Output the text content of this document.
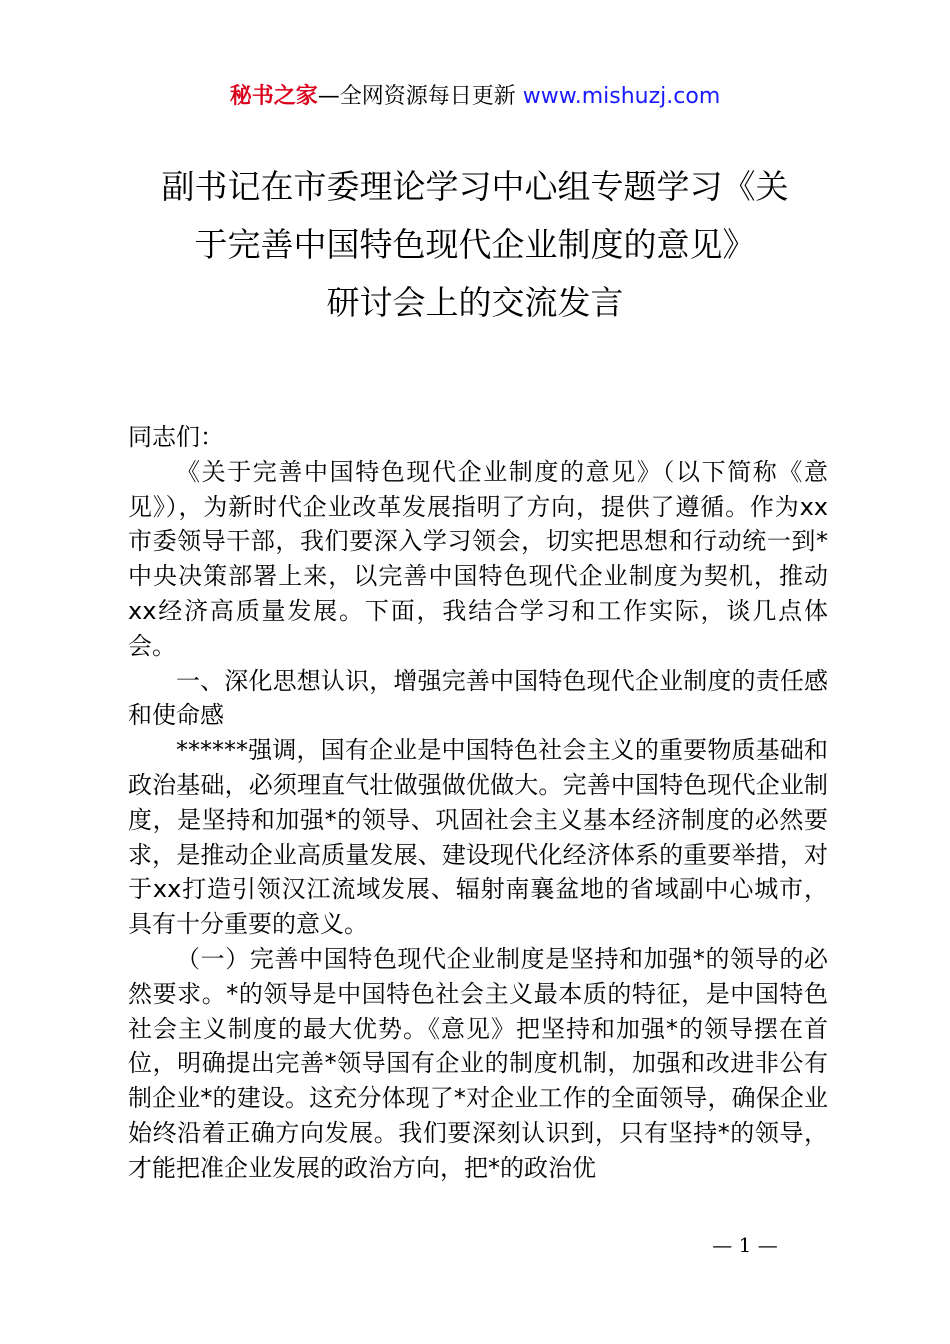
秘书之家—全网资源每日更新 www.mishuzj.com
副书记在市委理论学习中心组专题学习《关
于完善中国特色现代企业制度的意见》
研讨会上的交流发言

同志们：

《关于完善中国特色现代企业制度的意见》（以下简称《意见》），为新时代企业改革发展指明了方向，提供了遵循。作为xx市委领导干部，我们要深入学习领会，切实把思想和行动统一到*中央决策部署上来，以完善中国特色现代企业制度为契机，推动xx经济高质量发展。下面，我结合学习和工作实际，谈几点体会。

一、深化思想认识，增强完善中国特色现代企业制度的责任感和使命感

******强调，国有企业是中国特色社会主义的重要物质基础和政治基础，必须理直气壮做强做优做大。完善中国特色现代企业制度，是坚持和加强*的领导、巩固社会主义基本经济制度的必然要求，是推动企业高质量发展、建设现代化经济体系的重要举措，对于xx打造引领汉江流域发展、辐射南襄盆地的省域副中心城市，具有十分重要的意义。

（一）完善中国特色现代企业制度是坚持和加强*的领导的必然要求。*的领导是中国特色社会主义最本质的特征，是中国特色社会主义制度的最大优势。《意见》把坚持和加强*的领导摆在首位，明确提出完善*领导国有企业的制度机制，加强和改进非公有制企业*的建设。这充分体现了*对企业工作的全面领导，确保企业始终沿着正确方向发展。我们要深刻认识到，只有坚持*的领导，才能把准企业发展的政治方向，把*的政治优

— 1 —
